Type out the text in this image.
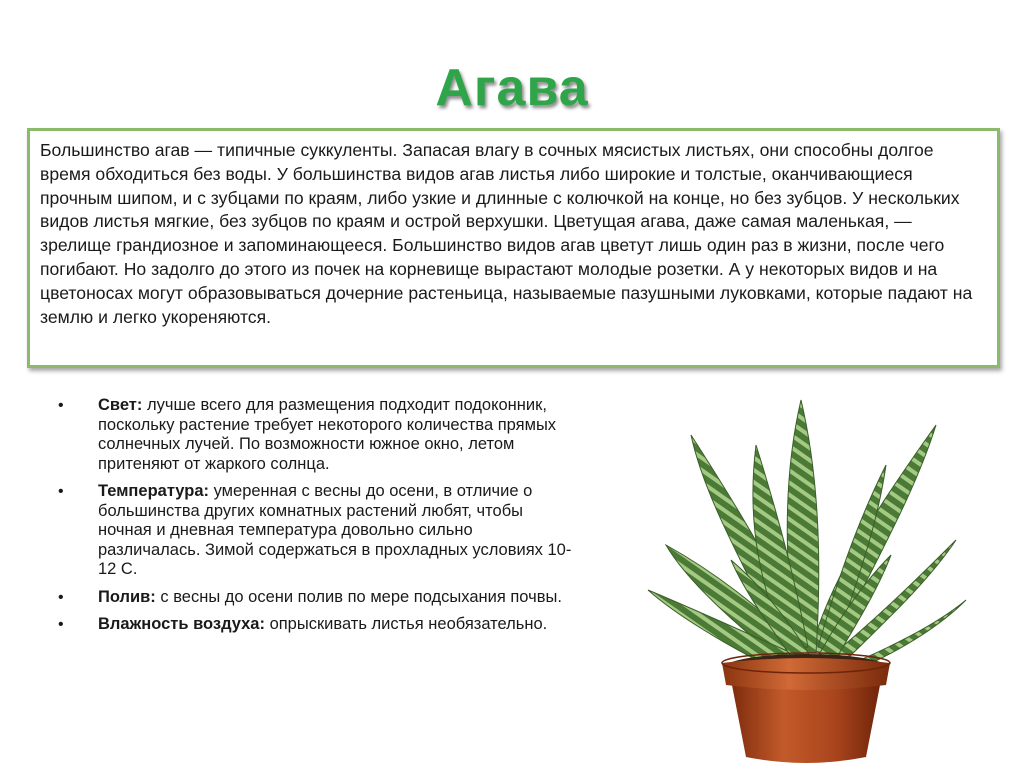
Агава

Большинство агав — типичные суккуленты. Запасая влагу в сочных мясистых листьях, они способны долгое время обходиться без воды. У большинства видов агав листья либо широкие и толстые, оканчивающиеся прочным шипом, и с зубцами по краям, либо узкие и длинные с колючкой на конце, но без зубцов. У нескольких видов листья мягкие, без зубцов по краям и острой верхушки. Цветущая агава, даже самая маленькая, — зрелище грандиозное и запоминающееся. Большинство видов агав цветут лишь один раз в жизни, после чего погибают. Но задолго до этого из почек на корневище вырастают молодые розетки. А у некоторых видов и на цветоносах могут образовываться дочерние растеньица, называемые пазушными луковками, которые падают на землю и легко укореняются.

• Свет: лучше всего для размещения подходит подоконник, поскольку растение требует некоторого количества прямых солнечных лучей. По возможности южное окно, летом притеняют от жаркого солнца.
• Температура: умеренная с весны до осени, в отличие о большинства других комнатных растений любят, чтобы ночная и дневная температура довольно сильно различалась. Зимой содержаться в прохладных условиях 10-12 С.
• Полив: с весны до осени полив по мере подсыхания почвы.
• Влажность воздуха: опрыскивать листья необязательно.
